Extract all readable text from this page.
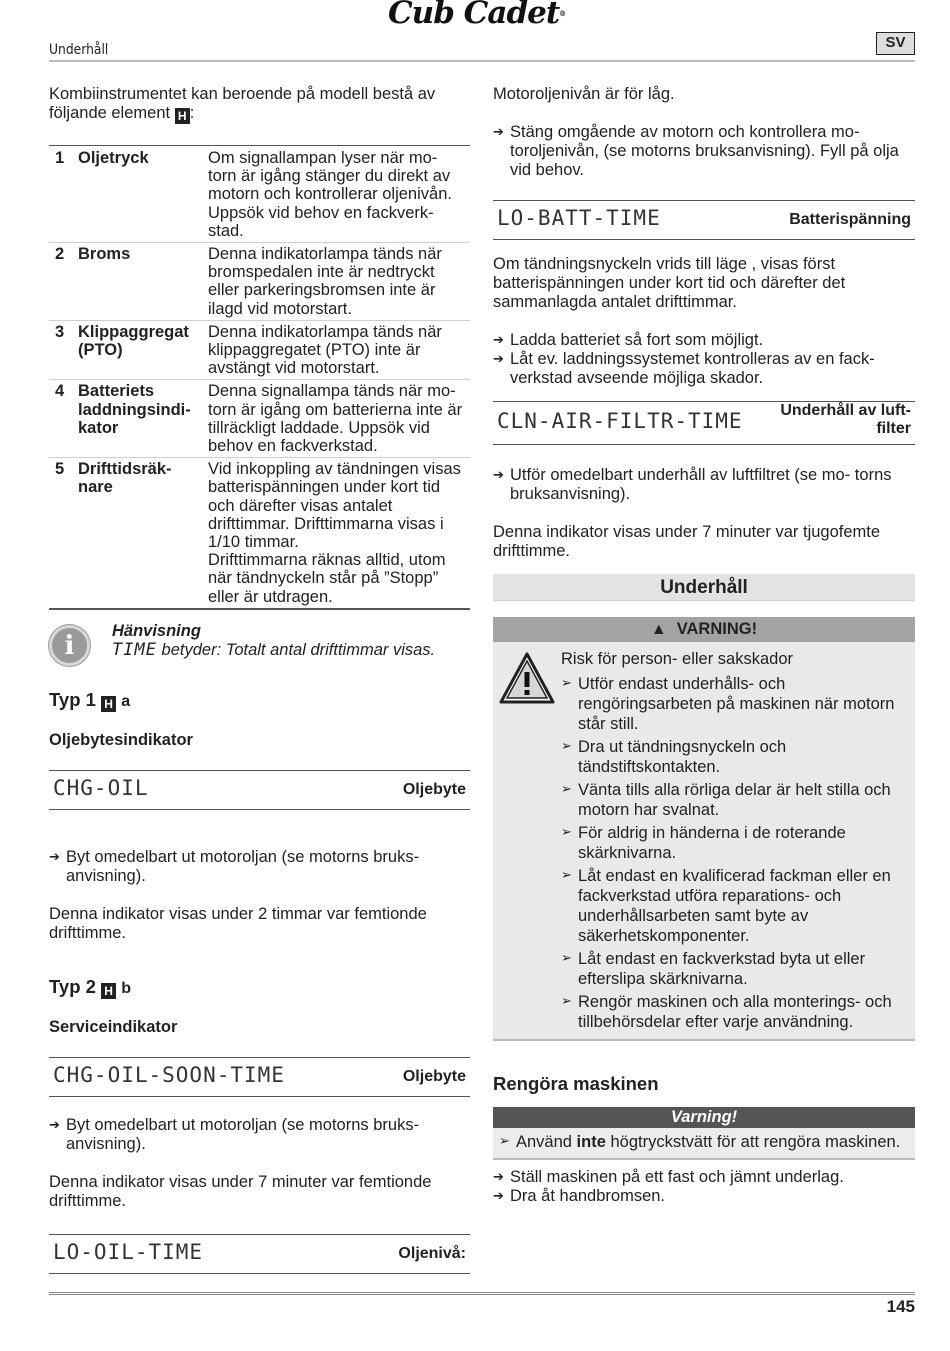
Cub Cadet®
Underhåll	SV
Kombiinstrumentet kan beroende på modell bestå av följande element H :
1	Oljetryck	Om signallampan lyser när mo- torn är igång stänger du direkt av motorn och kontrollerar oljenivån. Uppsök vid behov en fackverk- stad.
2	Broms	Denna indikatorlampa tänds när bromspedalen inte är nedtryckt eller parkeringsbromsen inte är ilagd vid motorstart.
3	Klippaggregat (PTO)	Denna indikatorlampa tänds när klippaggregatet (PTO) inte är avstängt vid motorstart.
4	Batteriets laddningsindi- kator	Denna signallampa tänds när mo- torn är igång om batterierna inte är tillräckligt laddade. Uppsök vid behov en fackverkstad.
5	Drifttidsräk- nare	Vid inkoppling av tändningen visas batterispänningen under kort tid och därefter visas antalet drifttimmar. Drifttimmarna visas i 1/10 timmar.
Drifttimmarna räknas alltid, utom när tändnyckeln står på ”Stopp” eller är utdragen.
i	Hänvisning
TIME betyder: Totalt antal drifttimmar visas.
Typ 1 H a
Oljebytesindikator
CHG-OIL	Oljebyte
➔ Byt omedelbart ut motoroljan (se motorns bruks- anvisning).
Denna indikator visas under 2 timmar var femtionde drifttimme.
Typ 2 H b
Serviceindikator
CHG-OIL-SOON-TIME	Oljebyte
➔ Byt omedelbart ut motoroljan (se motorns bruks- anvisning).
Denna indikator visas under 7 minuter var femtionde drifttimme.
LO-OIL-TIME	Oljenivå:
Motoroljenivån är för låg.
➔ Stäng omgående av motorn och kontrollera mo- toroljenivån, (se motorns bruksanvisning). Fyll på olja vid behov.
LO-BATT-TIME	Batterispänning
Om tändningsnyckeln vrids till läge , visas först batterispänningen under kort tid och därefter det sammanlagda antalet drifttimmar.
➔ Ladda batteriet så fort som möjligt.
➔ Låt ev. laddningssystemet kontrolleras av en fack- verkstad avseende möjliga skador.
CLN-AIR-FILTR-TIME	Underhåll av luft- filter
➔ Utför omedelbart underhåll av luftfiltret (se mo- torns bruksanvisning).
Denna indikator visas under 7 minuter var tjugofemte drifttimme.
Underhåll
▲ VARNING!
Risk för person- eller sakskador
➢ Utför endast underhålls- och rengöringsarbeten på maskinen när motorn står still.
➢ Dra ut tändningsnyckeln och tändstiftskontakten.
➢ Vänta tills alla rörliga delar är helt stilla och motorn har svalnat.
➢ För aldrig in händerna i de roterande skärknivarna.
➢ Låt endast en kvalificerad fackman eller en fackverkstad utföra reparations- och underhållsarbeten samt byte av säkerhetskomponenter.
➢ Låt endast en fackverkstad byta ut eller efterslipa skärknivarna.
➢ Rengör maskinen och alla monterings- och tillbehörsdelar efter varje användning.
Rengöra maskinen
Varning!
➢ Använd inte högtryckstvätt för att rengöra maskinen.
➔ Ställ maskinen på ett fast och jämnt underlag.
➔ Dra åt handbromsen.
145
